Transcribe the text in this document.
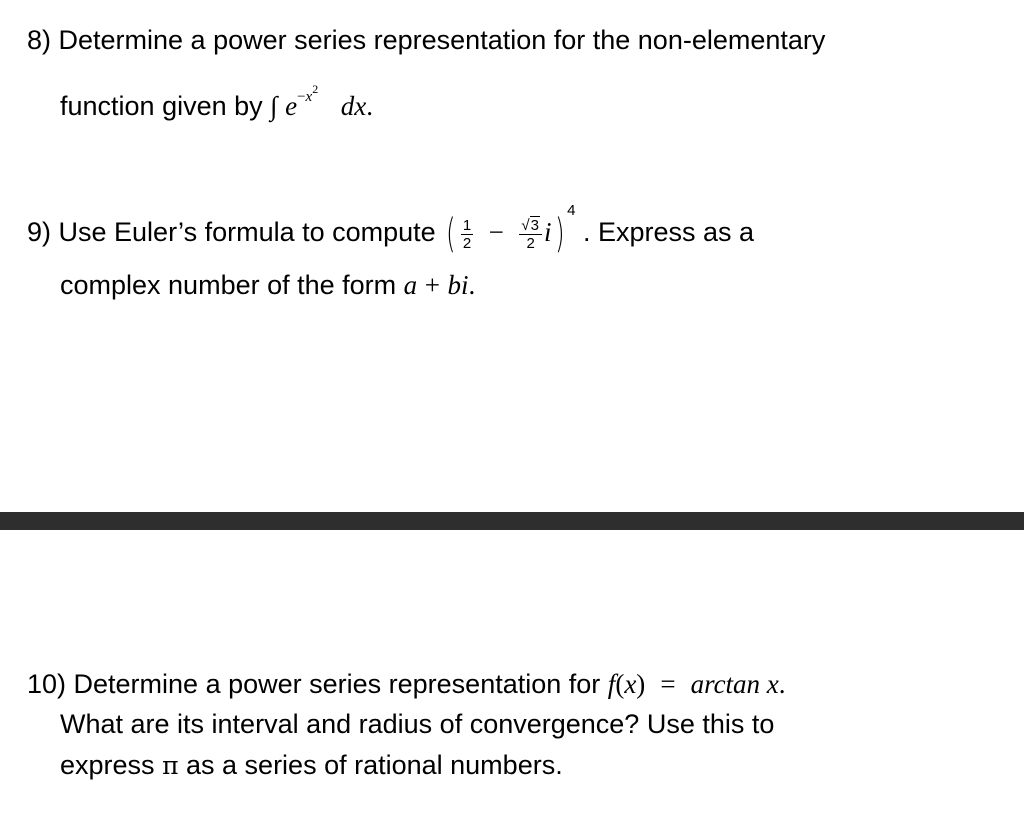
8) Determine a power series representation for the non-elementary
function given by ∫ $e^{-x^2}$   dx.
9) Use Euler’s formula to compute ( $\frac{1}{2} - \frac{√3}{2} i)^4$ . Express as a
complex number of the form a + bi.
10) Determine a power series representation for f(x) = arctan x.
What are its interval and radius of convergence? Use this to
express π as a series of rational numbers.
